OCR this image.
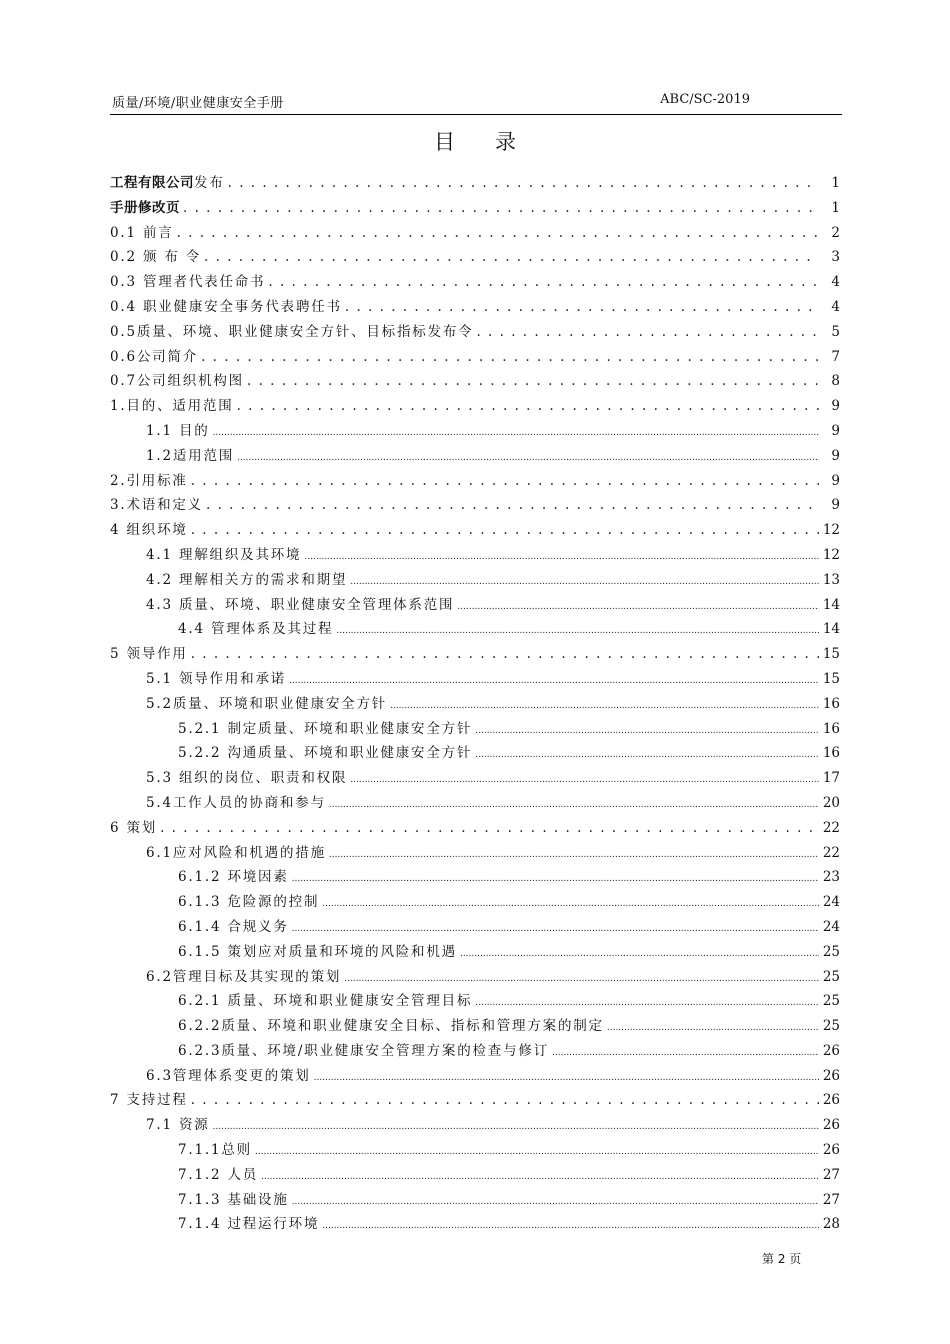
质量/环境/职业健康安全手册	ABC/SC-2019
目录
工程有限公司发布 . . .	1
手册修改页 . . .	1
0.1 前言 . . .	2
0.2 颁 布 令 . . .	3
0.3 管理者代表任命书 . . .	4
0.4 职业健康安全事务代表聘任书 . . .	4
0.5质量、环境、职业健康安全方针、目标指标发布令 . . .	5
0.6公司简介 . . .	7
0.7公司组织机构图 . . .	8
1.目的、适用范围 . . .	9
1.1 目的 .....	9
1.2适用范围 .....	9
2.引用标准 . . .	9
3.术语和定义 . . .	9
4 组织环境 . . .	12
4.1 理解组织及其环境 .....	12
4.2 理解相关方的需求和期望 .....	13
4.3 质量、环境、职业健康安全管理体系范围 .....	14
4.4 管理体系及其过程 .....	14
5 领导作用 . . .	15
5.1 领导作用和承诺 .....	15
5.2质量、环境和职业健康安全方针 .....	16
5.2.1 制定质量、环境和职业健康安全方针 .....	16
5.2.2 沟通质量、环境和职业健康安全方针 .....	16
5.3 组织的岗位、职责和权限 .....	17
5.4工作人员的协商和参与 .....	20
6 策划 . . .	22
6.1应对风险和机遇的措施 .....	22
6.1.2 环境因素 .....	23
6.1.3 危险源的控制 .....	24
6.1.4 合规义务 .....	24
6.1.5 策划应对质量和环境的风险和机遇 .....	25
6.2管理目标及其实现的策划 .....	25
6.2.1 质量、环境和职业健康安全管理目标 .....	25
6.2.2质量、环境和职业健康安全目标、指标和管理方案的制定 .....	25
6.2.3质量、环境/职业健康安全管理方案的检查与修订 .....	26
6.3管理体系变更的策划 .....	26
7 支持过程 . . .	26
7.1 资源 .....	26
7.1.1总则 .....	26
7.1.2 人员 .....	27
7.1.3 基础设施 .....	27
7.1.4 过程运行环境 .....	28
第 2 页
